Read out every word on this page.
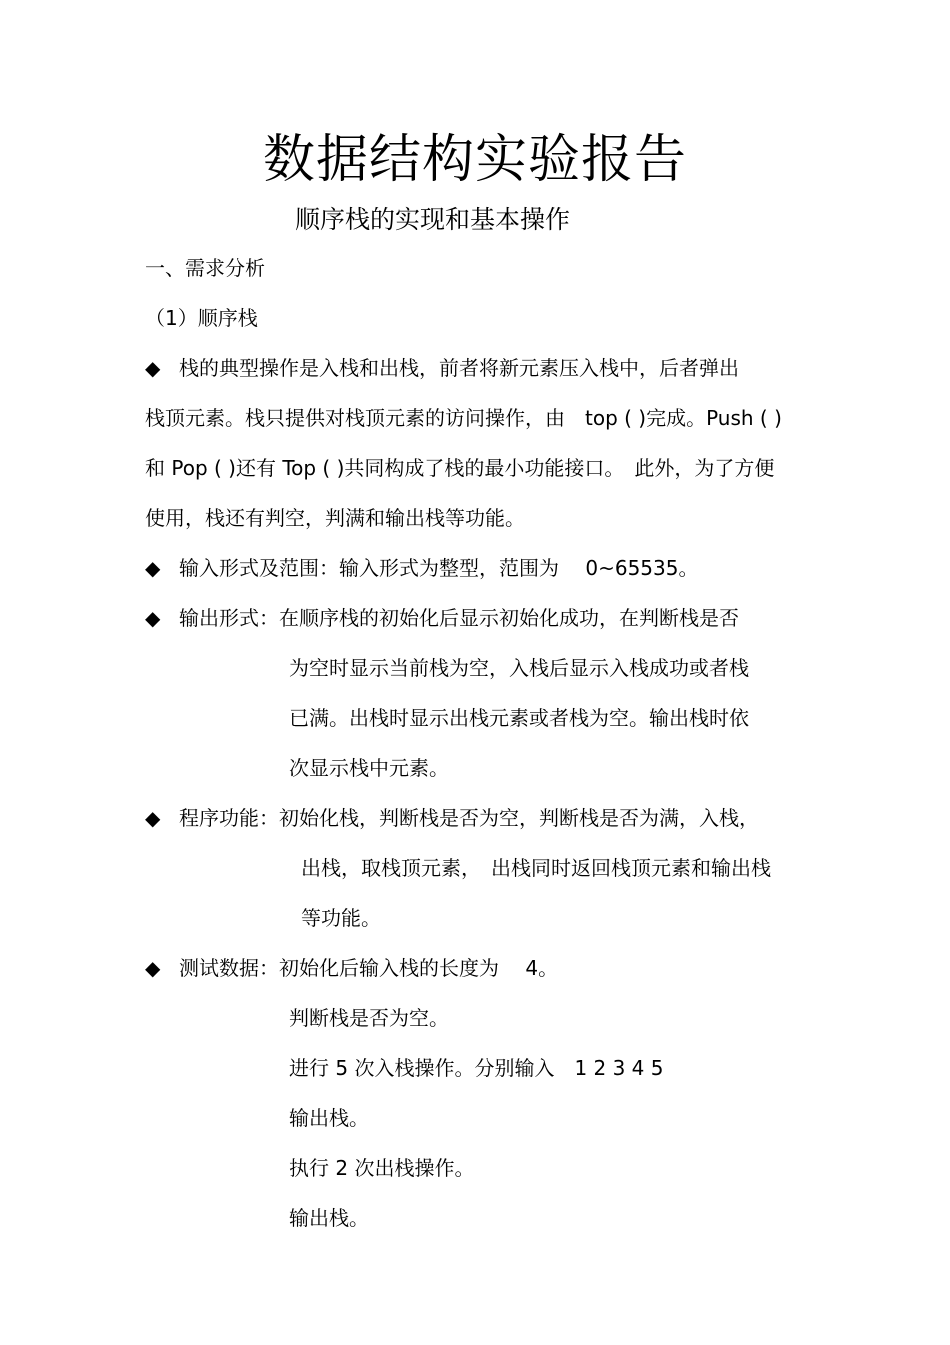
数据结构实验报告
顺序栈的实现和基本操作
一、需求分析
（1）顺序栈
◆ 栈的典型操作是入栈和出栈，前者将新元素压入栈中，后者弹出
栈顶元素。栈只提供对栈顶元素的访问操作，由　top ( )完成。Push ( )
和 Pop ( )还有 Top ( )共同构成了栈的最小功能接口。　此外，为了方便
使用，栈还有判空，判满和输出栈等功能。
◆ 输入形式及范围：输入形式为整型，范围为　 0~65535。
◆ 输出形式：在顺序栈的初始化后显示初始化成功，在判断栈是否
为空时显示当前栈为空，入栈后显示入栈成功或者栈
已满。出栈时显示出栈元素或者栈为空。输出栈时依
次显示栈中元素。
◆ 程序功能：初始化栈，判断栈是否为空，判断栈是否为满，入栈，
出栈，取栈顶元素，　出栈同时返回栈顶元素和输出栈
等功能。
◆ 测试数据：初始化后输入栈的长度为　 4。
判断栈是否为空。
进行 5 次入栈操作。分别输入　1 2 3 4 5
输出栈。
执行 2 次出栈操作。
输出栈。
